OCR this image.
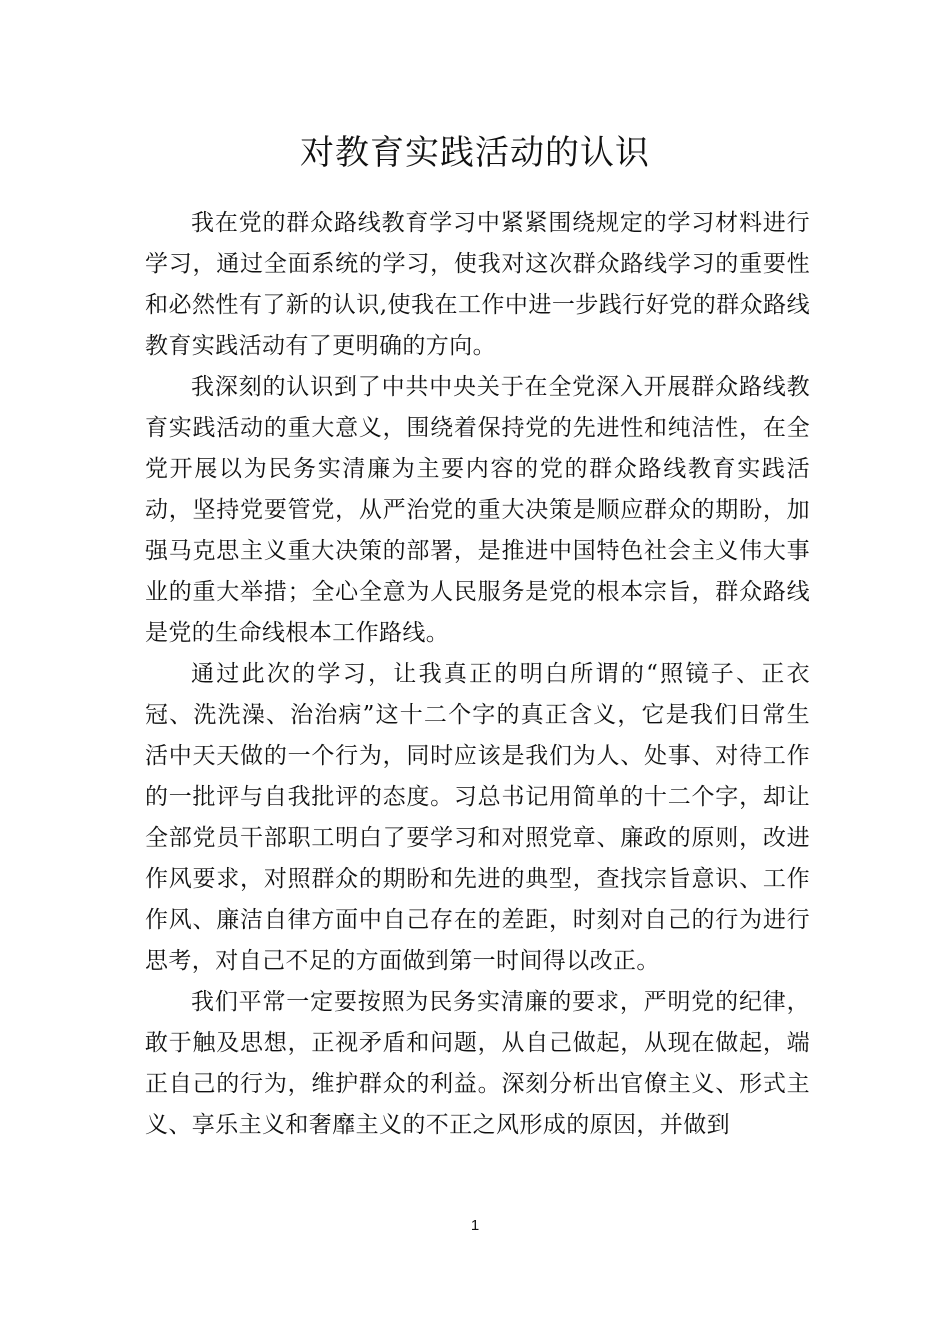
对教育实践活动的认识

我在党的群众路线教育学习中紧紧围绕规定的学习材料进行学习，通过全面系统的学习，使我对这次群众路线学习的重要性和必然性有了新的认识,使我在工作中进一步践行好党的群众路线教育实践活动有了更明确的方向。

我深刻的认识到了中共中央关于在全党深入开展群众路线教育实践活动的重大意义，围绕着保持党的先进性和纯洁性，在全党开展以为民务实清廉为主要内容的党的群众路线教育实践活动，坚持党要管党，从严治党的重大决策是顺应群众的期盼，加强马克思主义重大决策的部署，是推进中国特色社会主义伟大事业的重大举措；全心全意为人民服务是党的根本宗旨，群众路线是党的生命线根本工作路线。

通过此次的学习，让我真正的明白所谓的“照镜子、正衣冠、洗洗澡、治治病”这十二个字的真正含义，它是我们日常生活中天天做的一个行为，同时应该是我们为人、处事、对待工作的一批评与自我批评的态度。习总书记用简单的十二个字，却让全部党员干部职工明白了要学习和对照党章、廉政的原则，改进作风要求，对照群众的期盼和先进的典型，查找宗旨意识、工作作风、廉洁自律方面中自己存在的差距，时刻对自己的行为进行思考，对自己不足的方面做到第一时间得以改正。

我们平常一定要按照为民务实清廉的要求，严明党的纪律，敢于触及思想，正视矛盾和问题，从自己做起，从现在做起，端正自己的行为，维护群众的利益。深刻分析出官僚主义、形式主义、享乐主义和奢靡主义的不正之风形成的原因，并做到

1
